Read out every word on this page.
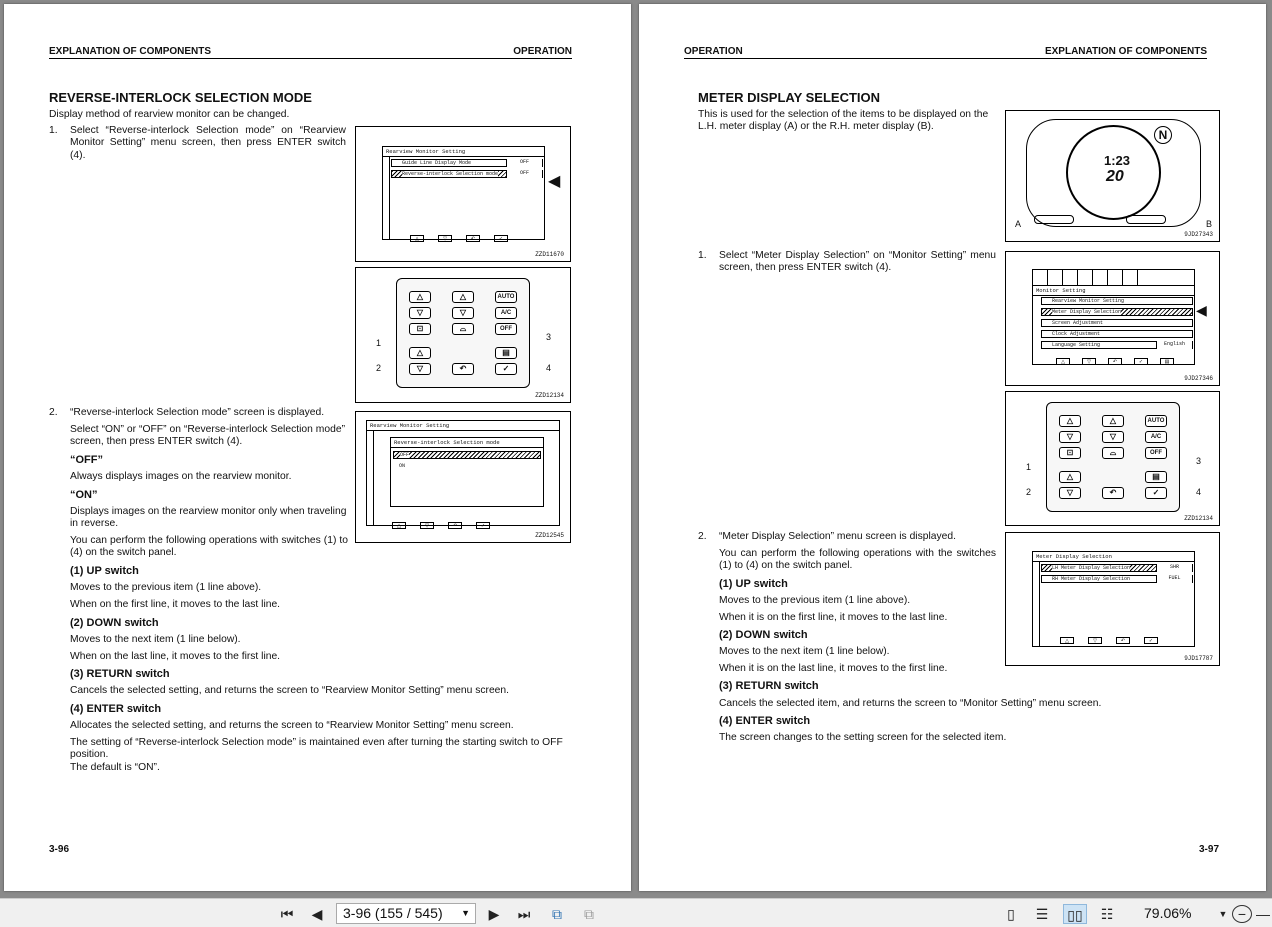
EXPLANATION OF COMPONENTS	OPERATION
REVERSE-INTERLOCK SELECTION MODE
Display method of rearview monitor can be changed.
1. Select “Reverse-interlock Selection mode” on “Rearview Monitor Setting” menu screen, then press ENTER switch (4).	Rearview Monitor Setting
Guide Line Display Mode	OFF
Reverse-interlock Selection mode	OFF	◀
△	▽	↶	✓
ZZD11670
△
▽
⊡
△
▽
⌓
AUTO
A/C
OFF
△
▽	↶
▤
✓
1
2
3
4
ZZD12134
2. “Reverse-interlock Selection mode” screen is displayed.
Select “ON” or “OFF” on “Reverse-interlock Selection mode” screen, then press ENTER switch (4).
“OFF”
Always displays images on the rearview monitor.
“ON”
Displays images on the rearview monitor only when traveling in reverse.
You can perform the following operations with switches (1) to (4) on the switch panel.
Rearview Monitor Setting
Reverse-interlock Selection mode
OFF
ON
△	▽	↶	✓
ZZD12545
(1) UP switch
Moves to the previous item (1 line above).
When on the first line, it moves to the last line.
(2) DOWN switch
Moves to the next item (1 line below).
When on the last line, it moves to the first line.
(3) RETURN switch
Cancels the selected setting, and returns the screen to “Rearview Monitor Setting” menu screen.
(4) ENTER switch
Allocates the selected setting, and returns the screen to “Rearview Monitor Setting” menu screen.
The setting of “Reverse-interlock Selection mode” is maintained even after turning the starting switch to OFF position.
The default is “ON”.
3-96
OPERATION	EXPLANATION OF COMPONENTS
METER DISPLAY SELECTION
This is used for the selection of the items to be displayed on the L.H. meter display (A) or the R.H. meter display (B).
N
1:23
20
A	B
9JD27343
1. Select “Meter Display Selection” on “Monitor Setting” menu screen, then press ENTER switch (4).
Monitor Setting
Rearview Monitor Setting
Meter Display Selection
Screen Adjustment
Clock Adjustment
Language Setting	English
◀
△	▽	↶	✓	▤
9JD27346
△
▽
⊡
△
▽
⌓
AUTO
A/C
OFF
△
▽	↶
▤
✓
1
2
3
4
ZZD12134
2. “Meter Display Selection” menu screen is displayed.
You can perform the following operations with the switches (1) to (4) on the switch panel.
Meter Display Selection
LH Meter Display Selection	SHR
RH Meter Display Selection	FUEL
△	▽	↶	✓
9JD17787
(1) UP switch
Moves to the previous item (1 line above).
When it is on the first line, it moves to the last line.
(2) DOWN switch
Moves to the next item (1 line below).
When it is on the last line, it moves to the first line.
(3) RETURN switch
Cancels the selected item, and returns the screen to “Monitor Setting” menu screen.
(4) ENTER switch
The screen changes to the setting screen for the selected item.
3-97
⏮	◀	3-96 (155 / 545) ▼	▶	⏭	⧉	⧉	▯	☰	▯▯	☷	79.06%	▼ − —
